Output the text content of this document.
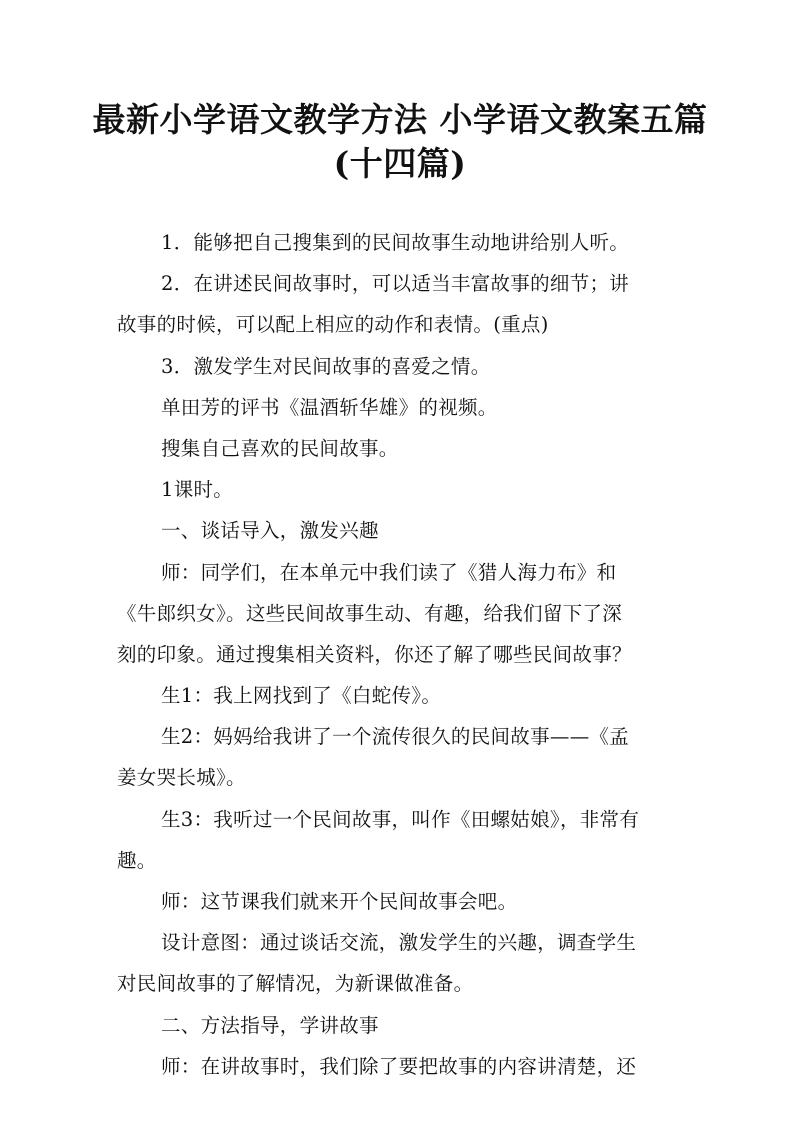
最新小学语文教学方法 小学语文教案五篇
(十四篇)
1．能够把自己搜集到的民间故事生动地讲给别人听。
2．在讲述民间故事时，可以适当丰富故事的细节；讲
故事的时候，可以配上相应的动作和表情。(重点)
3．激发学生对民间故事的喜爱之情。
单田芳的评书《温酒斩华雄》的视频。
搜集自己喜欢的民间故事。
1课时。
一、谈话导入，激发兴趣
师：同学们，在本单元中我们读了《猎人海力布》和
《牛郎织女》。这些民间故事生动、有趣，给我们留下了深
刻的印象。通过搜集相关资料，你还了解了哪些民间故事？
生1：我上网找到了《白蛇传》。
生2：妈妈给我讲了一个流传很久的民间故事——《孟
姜女哭长城》。
生3：我听过一个民间故事，叫作《田螺姑娘》，非常有
趣。
师：这节课我们就来开个民间故事会吧。
设计意图：通过谈话交流，激发学生的兴趣，调查学生
对民间故事的了解情况，为新课做准备。
二、方法指导，学讲故事
师：在讲故事时，我们除了要把故事的内容讲清楚，还
